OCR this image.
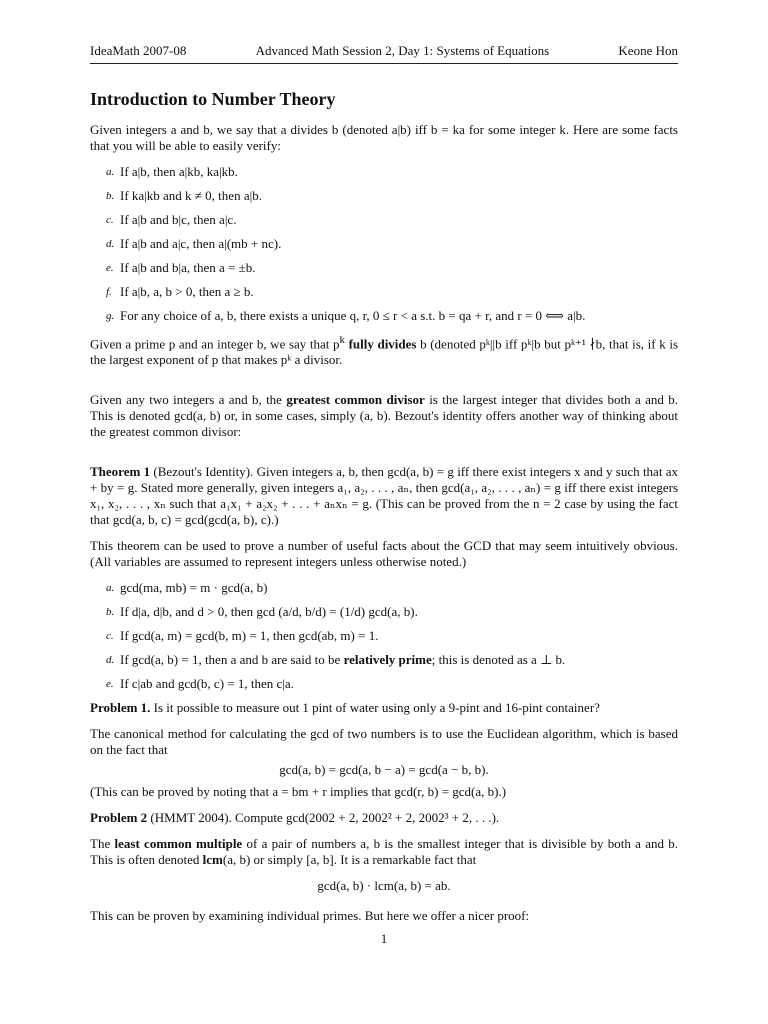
IdeaMath 2007-08	Advanced Math Session 2, Day 1: Systems of Equations	Keone Hon
Introduction to Number Theory

Given integers a and b, we say that a divides b (denoted a|b) iff b = ka for some integer k. Here are some facts that you will be able to easily verify:

a. If a|b, then a|kb, ka|kb.
b. If ka|kb and k ≠ 0, then a|b.
c. If a|b and b|c, then a|c.
d. If a|b and a|c, then a|(mb + nc).
e. If a|b and b|a, then a = ±b.
f. If a|b, a, b > 0, then a ≥ b.
g. For any choice of a, b, there exists a unique q, r, 0 ≤ r < a s.t. b = qa + r, and r = 0 ⟺ a|b.

Given a prime p and an integer b, we say that $p^k$ fully divides b (denoted pᵏ||b iff pᵏ|b but pᵏ⁺¹ ∤b, that is, if k is the largest exponent of p that makes pᵏ a divisor.

Given any two integers a and b, the greatest common divisor is the largest integer that divides both a and b. This is denoted gcd(a, b) or, in some cases, simply (a, b). Bezout's identity offers another way of thinking about the greatest common divisor:

Theorem 1 (Bezout's Identity). Given integers a, b, then gcd(a, b) = g iff there exist integers x and y such that ax + by = g. Stated more generally, given integers a₁, a₂, . . . , aₙ, then gcd(a₁, a₂, . . . , aₙ) = g iff there exist integers x₁, x₂, . . . , xₙ such that a₁x₁ + a₂x₂ + . . . + aₙxₙ = g. (This can be proved from the n = 2 case by using the fact that gcd(a, b, c) = gcd(gcd(a, b), c).)

This theorem can be used to prove a number of useful facts about the GCD that may seem intuitively obvious. (All variables are assumed to represent integers unless otherwise noted.)

a. gcd(ma, mb) = m · gcd(a, b)
b. If d|a, d|b, and d > 0, then gcd (a/d, b/d) = (1/d) gcd(a, b).
c. If gcd(a, m) = gcd(b, m) = 1, then gcd(ab, m) = 1.
d. If gcd(a, b) = 1, then a and b are said to be relatively prime; this is denoted as a ⊥ b.
e. If c|ab and gcd(b, c) = 1, then c|a.

Problem 1. Is it possible to measure out 1 pint of water using only a 9-pint and 16-pint container?

The canonical method for calculating the gcd of two numbers is to use the Euclidean algorithm, which is based on the fact that

gcd(a, b) = gcd(a, b − a) = gcd(a − b, b).

(This can be proved by noting that a = bm + r implies that gcd(r, b) = gcd(a, b).)

Problem 2 (HMMT 2004). Compute gcd(2002 + 2, 2002² + 2, 2002³ + 2, . . .).

The least common multiple of a pair of numbers a, b is the smallest integer that is divisible by both a and b. This is often denoted lcm(a, b) or simply [a, b]. It is a remarkable fact that

gcd(a, b) · lcm(a, b) = ab.

This can be proven by examining individual primes. But here we offer a nicer proof:

1
